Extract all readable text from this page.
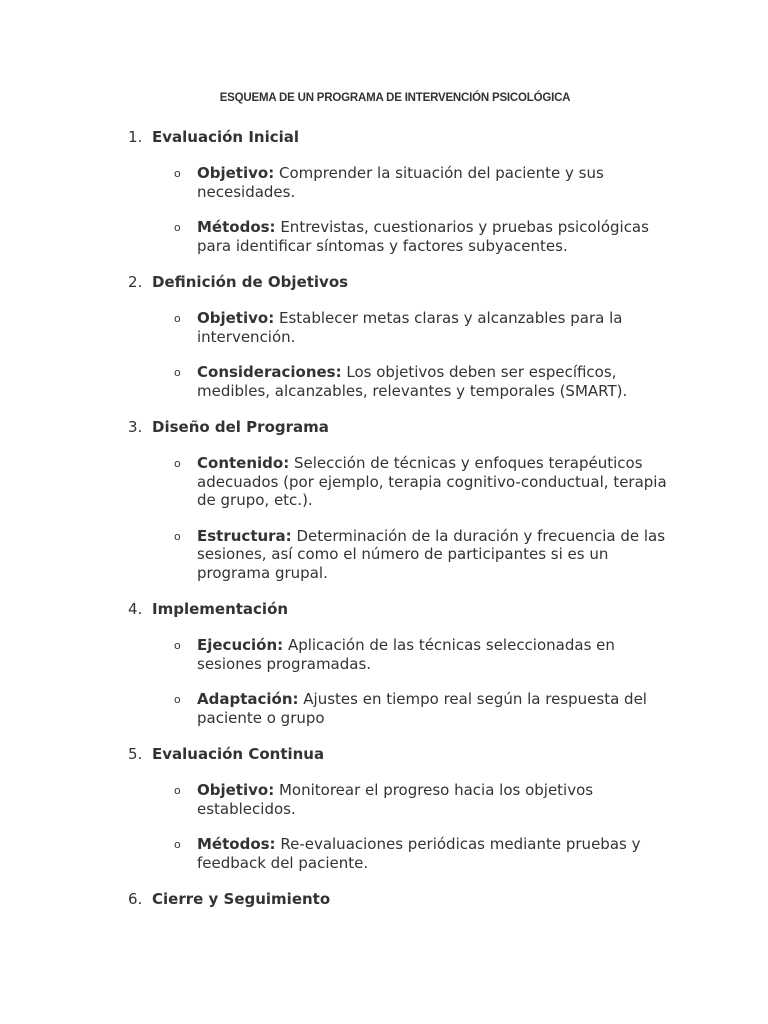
ESQUEMA DE UN PROGRAMA DE INTERVENCIÓN PSICOLÓGICA
1. Evaluación Inicial
o Objetivo: Comprender la situación del paciente y sus necesidades.
o Métodos: Entrevistas, cuestionarios y pruebas psicológicas para identificar síntomas y factores subyacentes.
2. Definición de Objetivos
o Objetivo: Establecer metas claras y alcanzables para la intervención.
o Consideraciones: Los objetivos deben ser específicos, medibles, alcanzables, relevantes y temporales (SMART).
3. Diseño del Programa
o Contenido: Selección de técnicas y enfoques terapéuticos adecuados (por ejemplo, terapia cognitivo-conductual, terapia de grupo, etc.).
o Estructura: Determinación de la duración y frecuencia de las sesiones, así como el número de participantes si es un programa grupal.
4. Implementación
o Ejecución: Aplicación de las técnicas seleccionadas en sesiones programadas.
o Adaptación: Ajustes en tiempo real según la respuesta del paciente o grupo
5. Evaluación Continua
o Objetivo: Monitorear el progreso hacia los objetivos establecidos.
o Métodos: Re-evaluaciones periódicas mediante pruebas y feedback del paciente.
6. Cierre y Seguimiento
